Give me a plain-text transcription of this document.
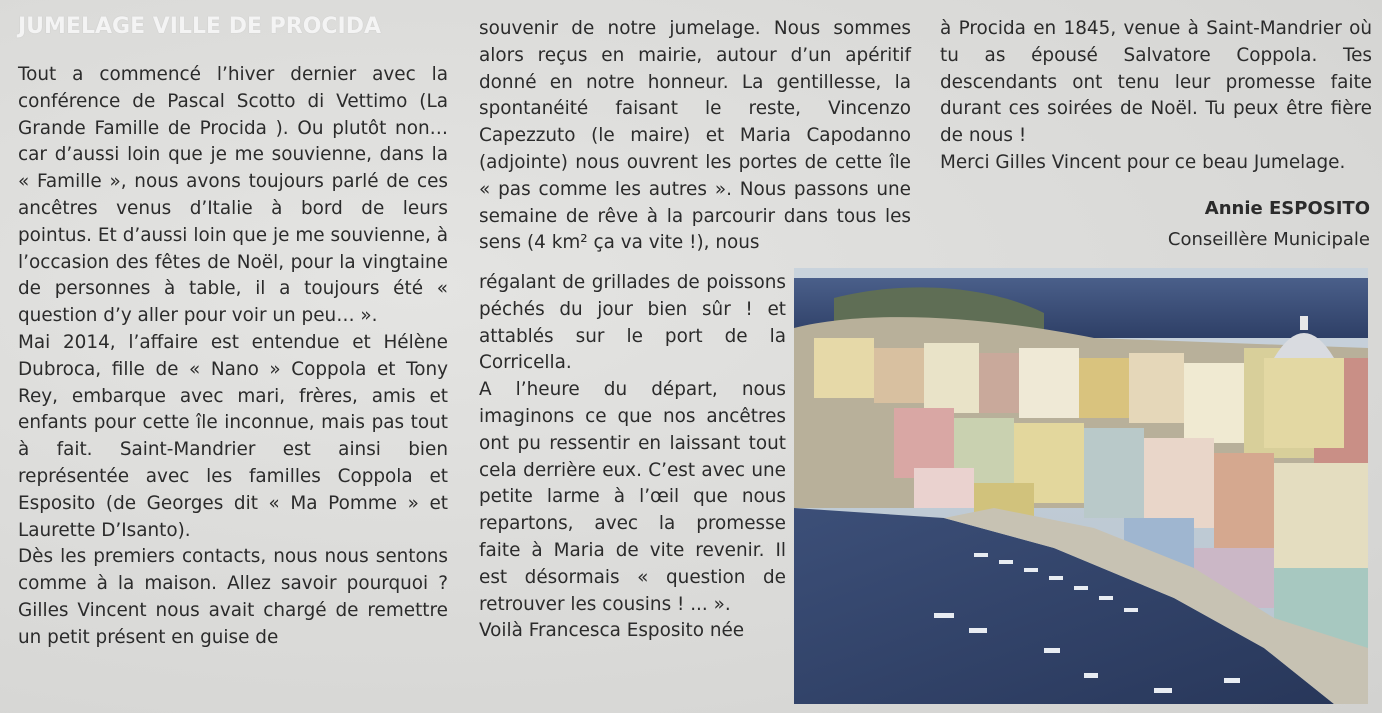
JUMELAGE VILLE DE PROCIDA

Tout a commencé l’hiver dernier avec la conférence de Pascal Scotto di Vettimo (La Grande Famille de Procida ). Ou plutôt non… car d’aussi loin que je me souvienne, dans la « Famille », nous avons toujours parlé de ces ancêtres venus d’Italie à bord de leurs pointus. Et d’aussi loin que je me souvienne, à l’occasion des fêtes de Noël, pour la vingtaine de personnes à table, il a toujours été « question d’y aller pour voir un peu… ».

Mai 2014, l’affaire est entendue et Hélène Dubroca, fille de « Nano » Coppola et Tony Rey, embarque avec mari, frères, amis et enfants pour cette île inconnue, mais pas tout à fait. Saint-Mandrier est ainsi bien représentée avec les familles Coppola et Esposito (de Georges dit « Ma Pomme » et Laurette D’Isanto).

Dès les premiers contacts, nous nous sentons comme à la maison. Allez savoir pourquoi ? Gilles Vincent nous avait chargé de remettre un petit présent en guise de

souvenir de notre jumelage. Nous sommes alors reçus en mairie, autour d’un apéritif donné en notre honneur. La gentillesse, la spontanéité faisant le reste, Vincenzo Capezzuto (le maire) et Maria Capodanno (adjointe) nous ouvrent les portes de cette île « pas comme les autres ». Nous passons une semaine de rêve à la parcourir dans tous les sens (4 km² ça va vite !), nous

régalant de grillades de poissons péchés du jour bien sûr ! et attablés sur le port de la Corricella.

A l’heure du départ, nous imaginons ce que nos ancêtres ont pu ressentir en laissant tout cela derrière eux. C’est avec une petite larme à l’œil que nous repartons, avec la promesse faite à Maria de vite revenir. Il est désormais « question de retrouver les cousins ! ... ».

Voilà Francesca Esposito née

à Procida en 1845, venue à Saint-Mandrier où tu as épousé Salvatore Coppola. Tes descendants ont tenu leur promesse faite durant ces soirées de Noël. Tu peux être fière de nous !

Merci Gilles Vincent pour ce beau Jumelage.

Annie ESPOSITO
Conseillère Municipale
